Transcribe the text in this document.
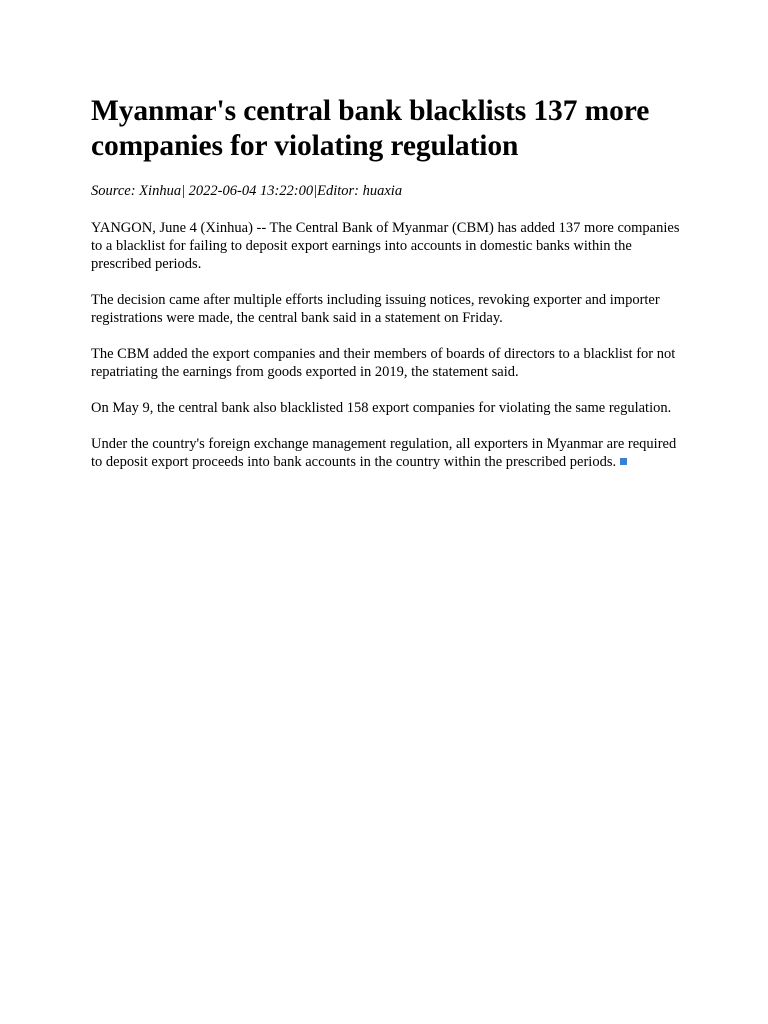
Myanmar's central bank blacklists 137 more companies for violating regulation
Source: Xinhua| 2022-06-04 13:22:00|Editor: huaxia

YANGON, June 4 (Xinhua) -- The Central Bank of Myanmar (CBM) has added 137 more companies to a blacklist for failing to deposit export earnings into accounts in domestic banks within the prescribed periods.

The decision came after multiple efforts including issuing notices, revoking exporter and importer registrations were made, the central bank said in a statement on Friday.

The CBM added the export companies and their members of boards of directors to a blacklist for not repatriating the earnings from goods exported in 2019, the statement said.

On May 9, the central bank also blacklisted 158 export companies for violating the same regulation.

Under the country's foreign exchange management regulation, all exporters in Myanmar are required to deposit export proceeds into bank accounts in the country within the prescribed periods.
